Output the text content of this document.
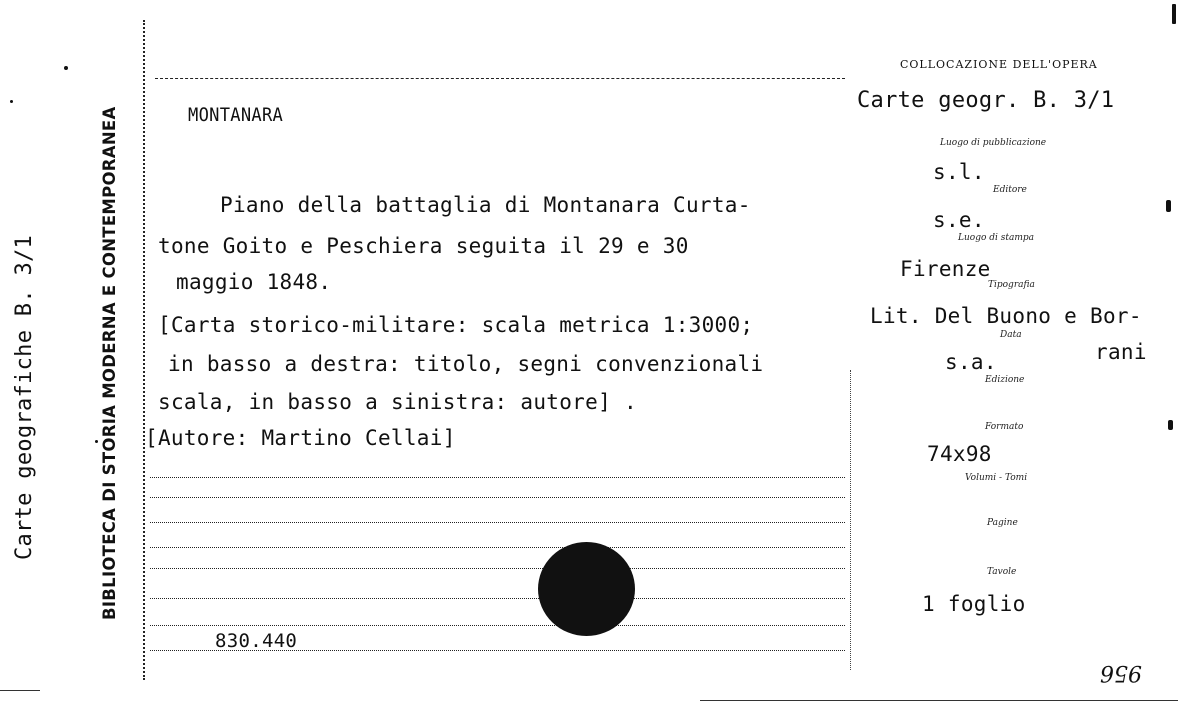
Carte geografiche B. 3/1	BIBLIOTECA DI STORIA MODERNA E CONTEMPORANEA	MONTANARA
Piano della battaglia di Montanara Curta-
tone Goito e Peschiera seguita il 29 e 30
maggio 1848.
[Carta storico-militare: scala metrica 1:3000;
in basso a destra: titolo, segni convenzionali
scala, in basso a sinistra: autore] .
[Autore: Martino Cellai]
830.440
956
COLLOCAZIONE DELL'OPERA
Carte geogr. B. 3/1
Luogo di pubblicazione
s.l.
Editore
s.e.
Luogo di stampa
Firenze
Tipografia
Lit. Del Buono e Bor-
rani
Data
s.a.
Edizione
Formato
74x98
Volumi - Tomi
Pagine
Tavole
1 foglio
